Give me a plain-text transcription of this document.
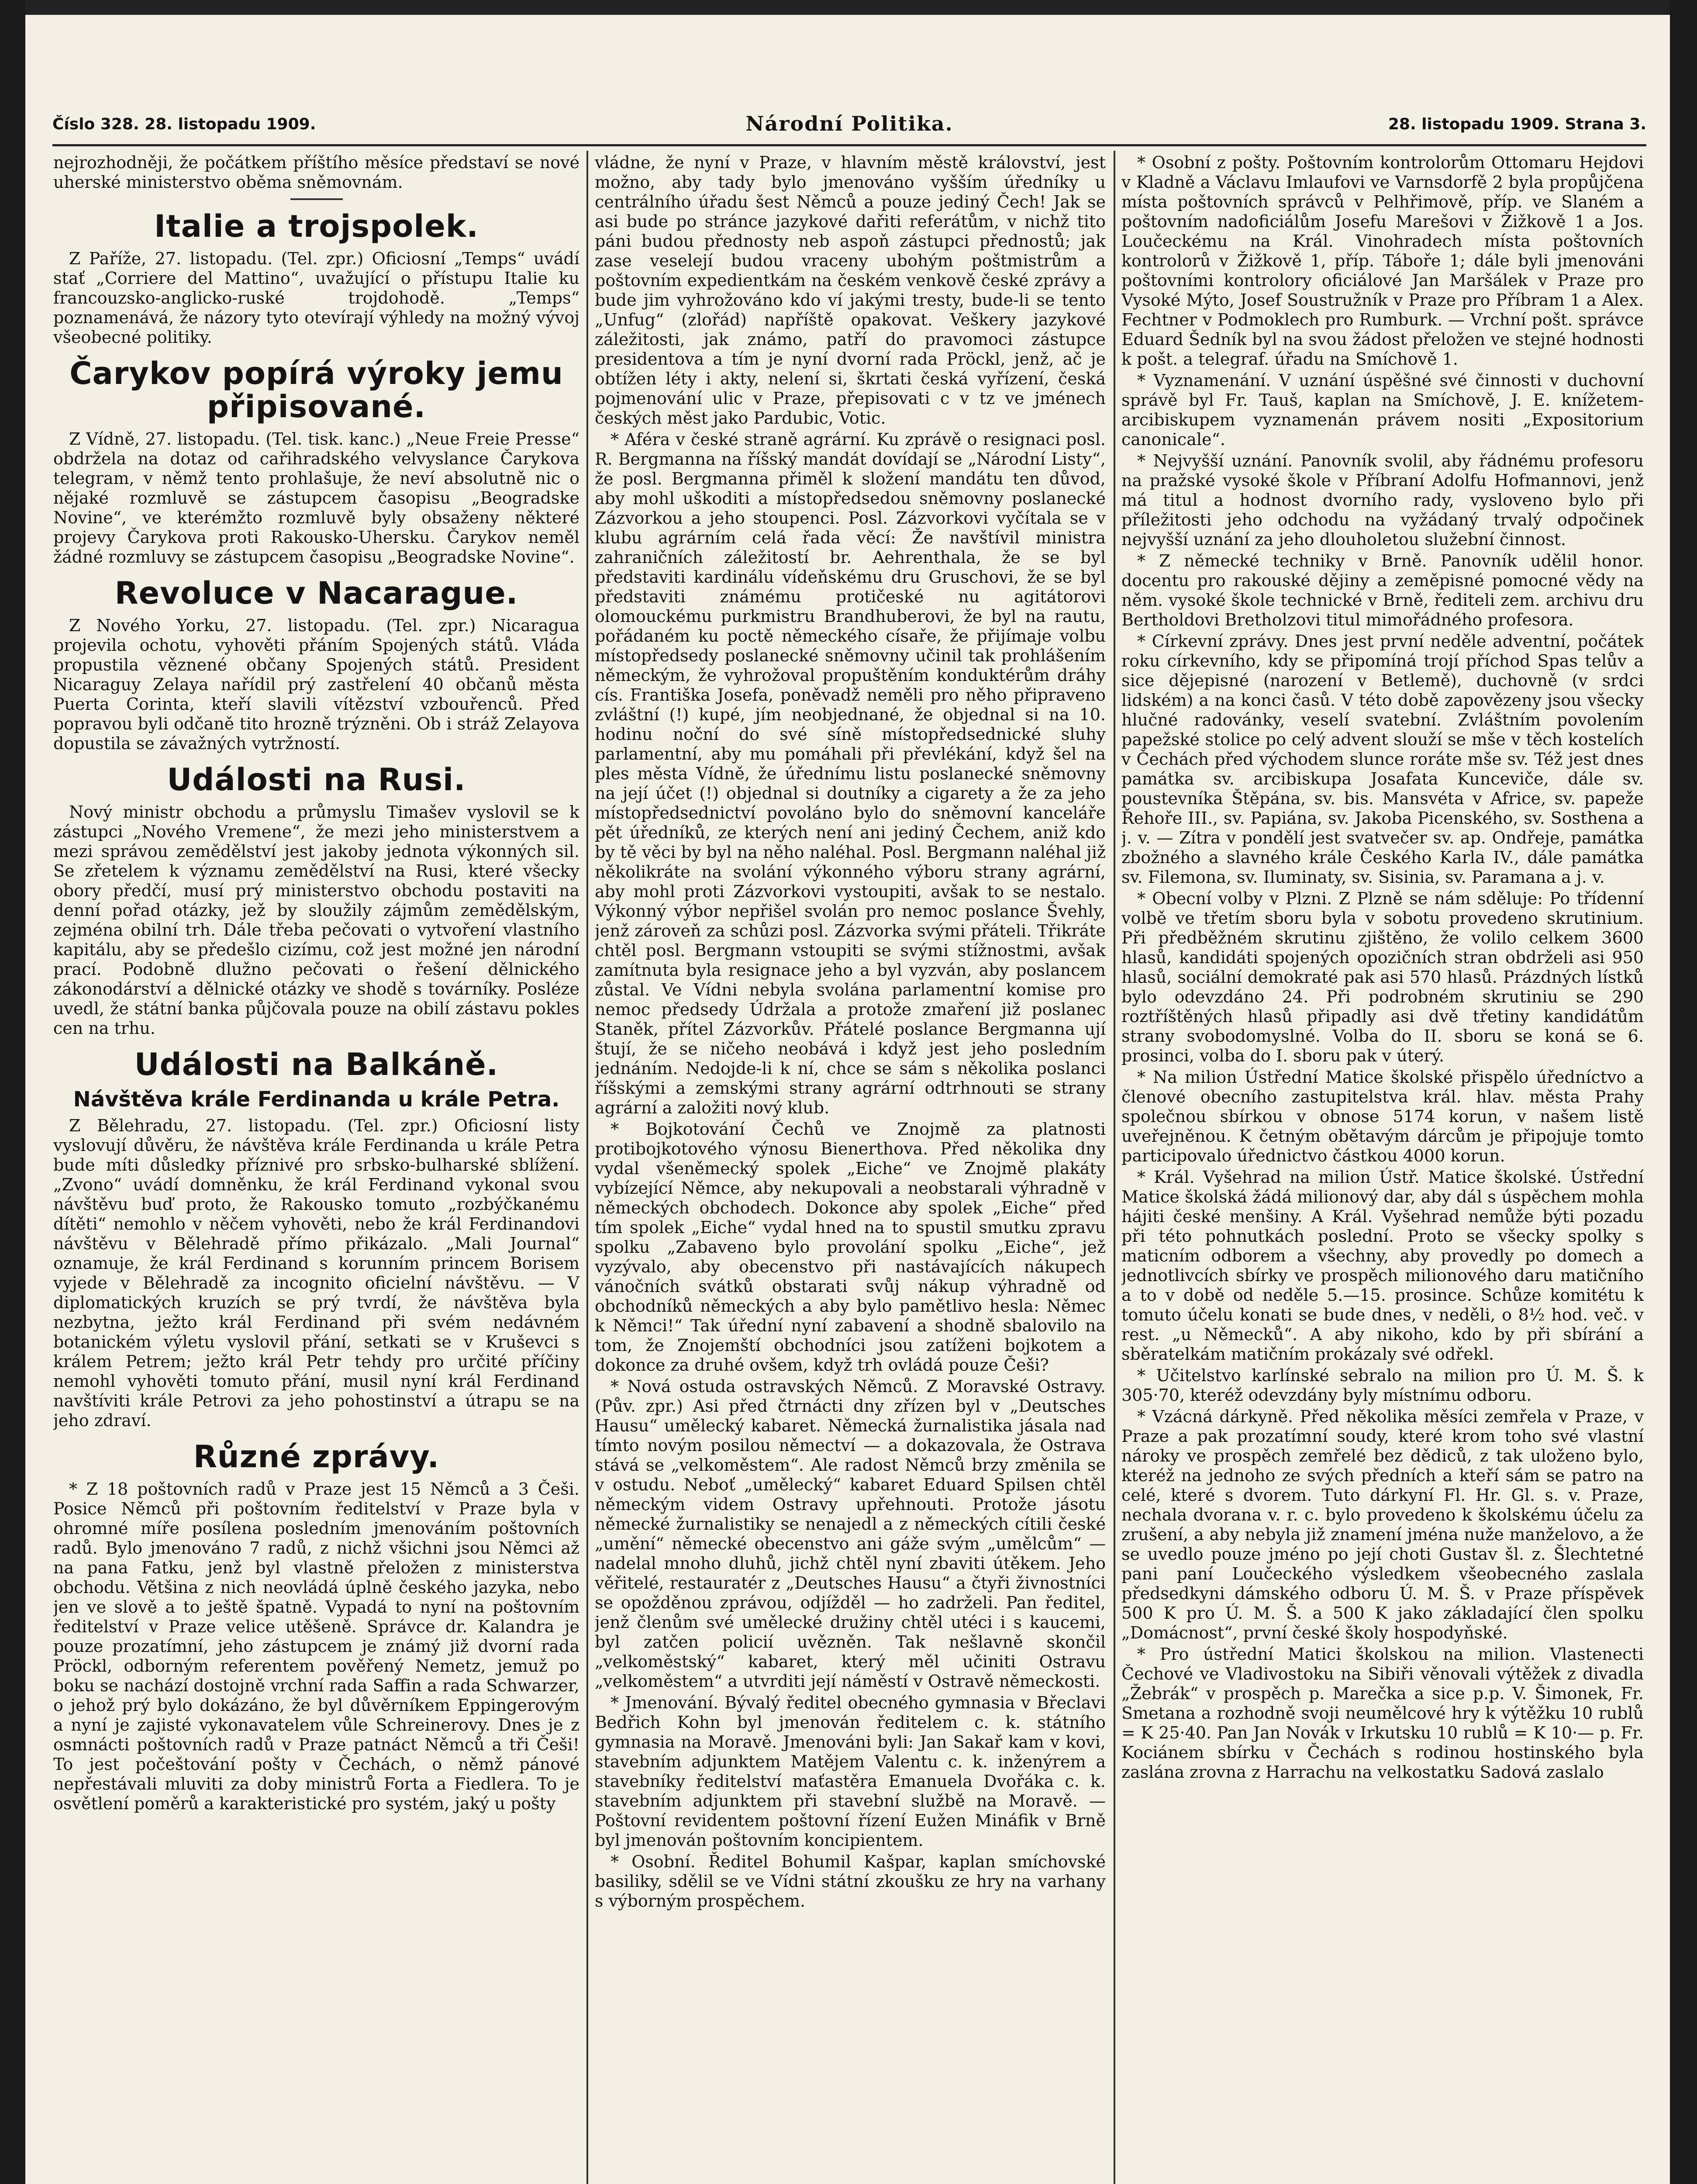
Číslo 328. 28. listopadu 1909.	Národní Politika.	28. listopadu 1909. Strana 3.

nejrozhodněji, že počátkem příštího měsíce představí se nové uherské ministerstvo oběma sněmovnám.

Italie a trojspolek.

Z Paříže, 27. listopadu. (Tel. zpr.) Oficiosní „Temps“ uvádí stať „Corriere del Mattino“, uvažující o přístupu Italie ku francouzsko-anglicko-ruské trojdohodě. „Temps“ poznamenává, že názory tyto otevírají výhledy na možný vývoj všeobecné politiky.

Čarykov popírá výroky jemu připisované.

Z Vídně, 27. listopadu. (Tel. tisk. kanc.) „Neue Freie Presse“ obdržela na dotaz od cařihradského velvyslance Čarykova telegram, v němž tento prohlašuje, že neví absolutně nic o nějaké rozmluvě se zástupcem časopisu „Beogradske Novine“, ve kterémžto rozmluvě byly obsaženy některé projevy Čarykova proti Rakousko-Uhersku. Čarykov neměl žádné rozmluvy se zástupcem časopisu „Beogradske Novine“.

Revoluce v Nacarague.

Z Nového Yorku, 27. listopadu. (Tel. zpr.) Nicaragua projevila ochotu, vyhověti přáním Spojených států. Vláda propustila věznené občany Spojených států. President Nicaraguy Zelaya nařídil prý zastřelení 40 občanů města Puerta Corinta, kteří slavili vítězství vzbouřenců. Před popravou byli odčaně tito hrozně trýzněni. Ob i stráž Zelayova dopustila se závažných vytržností.

Události na Rusi.

Nový ministr obchodu a průmyslu Timašev vyslovil se k zástupci „Nového Vremene“, že mezi jeho ministerstvem a mezi správou zemědělství jest jakoby jednota výkonných sil. Se zřetelem k významu zemědělství na Rusi, které všecky obory předčí, musí prý ministerstvo obchodu postaviti na denní pořad otázky, jež by sloužily zájmům zemědělským, zejména obilní trh. Dále třeba pečovati o vytvoření vlastního kapitálu, aby se předešlo cizímu, což jest možné jen národní prací. Podobně dlužno pečovati o řešení dělnického zákonodárství a dělnické otázky ve shodě s továrníky. Posléze uvedl, že státní banka půjčovala pouze na obilí zástavu pokles cen na trhu.

Události na Balkáně.
Návštěva krále Ferdinanda u krále Petra.

Z Bělehradu, 27. listopadu. (Tel. zpr.) Oficiosní listy vyslovují důvěru, že návštěva krále Ferdinanda u krále Petra bude míti důsledky příznivé pro srbsko-bulharské sblížení. „Zvono“ uvádí domněnku, že král Ferdinand vykonal svou návštěvu buď proto, že Rakousko tomuto „rozbýčkanému dítěti“ nemohlo v něčem vyhověti, nebo že král Ferdinandovi návštěvu v Bělehradě přímo přikázalo. „Mali Journal“ oznamuje, že král Ferdinand s korunním princem Borisem vyjede v Bělehradě za incognito oficielní návštěvu. — V diplomatických kruzích se prý tvrdí, že návštěva byla nezbytna, ježto král Ferdinand při svém nedávném botanickém výletu vyslovil přání, setkati se v Kruševci s králem Petrem; ježto král Petr tehdy pro určité příčiny nemohl vyhověti tomuto přání, musil nyní král Ferdinand navštíviti krále Petrovi za jeho pohostinství a útrapu se na jeho zdraví.

Různé zprávy.

* Z 18 poštovních radů v Praze jest 15 Němců a 3 Češi. Posice Němců při poštovním ředitelství v Praze byla v ohromné míře posílena posledním jmenováním poštovních radů. Bylo jmenováno 7 radů, z nichž všichni jsou Němci až na pana Fatku, jenž byl vlastně přeložen z ministerstva obchodu. Většina z nich neovládá úplně českého jazyka, nebo jen ve slově a to ještě špatně. Vypadá to nyní na poštovním ředitelství v Praze velice utěšeně. Správce dr. Kalandra je pouze prozatímní, jeho zástupcem je známý již dvorní rada Pröckl, odborným referentem pověřený Nemetz, jemuž po boku se nachází dostojně vrchní rada Saffin a rada Schwarzer, o jehož prý bylo dokázáno, že byl důvěrníkem Eppingerovým a nyní je zajisté vykonavatelem vůle Schreinerovy. Dnes je z osmnácti poštovních radů v Praze patnáct Němců a tři Češi! To jest počeštování pošty v Čechách, o němž pánové nepřestávali mluviti za doby ministrů Forta a Fiedlera. To je osvětlení poměrů a karakteristické pro systém, jaký u pošty

vládne, že nyní v Praze, v hlavním městě království, jest možno, aby tady bylo jmenováno vyšším úředníky u centrálního úřadu šest Němců a pouze jediný Čech! Jak se asi bude po stránce jazykové dařiti referátům, v nichž tito páni budou přednosty neb aspoň zástupci přednostů; jak zase veselejí budou vraceny ubohým poštmistrům a poštovním expedientkám na českém venkově české zprávy a bude jim vyhrožováno kdo ví jakými tresty, bude-li se tento „Unfug“ (zlořád) napříště opakovat. Veškery jazykové záležitosti, jak známo, patří do pravomoci zástupce presidentova a tím je nyní dvorní rada Pröckl, jenž, ač je obtížen léty i akty, nelení si, škrtati česká vyřízení, česká pojmenování ulic v Praze, přepisovati c v tz ve jménech českých měst jako Pardubic, Votic.

* Aféra v české straně agrární. Ku zprávě o resignaci posl. R. Bergmanna na říšský mandát dovídají se „Národní Listy“, že posl. Bergmanna přiměl k složení mandátu ten důvod, aby mohl uškoditi a místopředsedou sněmovny poslanecké Zázvorkou a jeho stoupenci. Posl. Zázvorkovi vyčítala se v klubu agrárním celá řada věcí: Že navštívil ministra zahraničních záležitostí br. Aehrenthala, že se byl představiti kardinálu vídeňskému dru Gruschovi, že se byl představiti známému protičeské nu agitátorovi olomouckému purkmistru Brandhuberovi, že byl na rautu, pořádaném ku poctě německého císaře, že přijímaje volbu místopředsedy poslanecké sněmovny učinil tak prohlášením německým, že vyhrožoval propuštěním konduktérům dráhy cís. Františka Josefa, poněvadž neměli pro něho připraveno zvláštní (!) kupé, jím neobjednané, že objednal si na 10. hodinu noční do své síně místopředsednické sluhy parlamentní, aby mu pomáhali při převlékání, když šel na ples města Vídně, že úřednímu listu poslanecké sněmovny na její účet (!) objednal si doutníky a cigarety a že za jeho místopředsednictví povoláno bylo do sněmovní kanceláře pět úředníků, ze kterých není ani jediný Čechem, aniž kdo by tě věci by byl na něho naléhal. Posl. Bergmann naléhal již několikráte na svolání výkonného výboru strany agrární, aby mohl proti Zázvorkovi vystoupiti, avšak to se nestalo. Výkonný výbor nepřišel svolán pro nemoc poslance Švehly, jenž zároveň za schůzi posl. Zázvorka svými přáteli. Třikráte chtěl posl. Bergmann vstoupiti se svými stížnostmi, avšak zamítnuta byla resignace jeho a byl vyzván, aby poslancem zůstal. Ve Vídni nebyla svolána parlamentní komise pro nemoc předsedy Údržala a protože zmaření již poslanec Staněk, přítel Zázvorkův. Přátelé poslance Bergmanna ují štují, že se ničeho neobává i když jest jeho posledním jednáním. Nedojde-li k ní, chce se sám s několika poslanci říšskými a zemskými strany agrární odtrhnouti se strany agrární a založiti nový klub.

* Bojkotování Čechů ve Znojmě za platnosti protibojkotového výnosu Bienerthova. Před několika dny vydal všeněmecký spolek „Eiche“ ve Znojmě plakáty vybízející Němce, aby nekupovali a neobstarali výhradně v německých obchodech. Dokonce aby spolek „Eiche“ před tím spolek „Eiche“ vydal hned na to spustil smutku zpravu spolku „Zabaveno bylo provolání spolku „Eiche“, jež vyzývalo, aby obecenstvo při nastávajících nákupech vánočních svátků obstarati svůj nákup výhradně od obchodníků německých a aby bylo pamětlivo hesla: Němec k Němci!“ Tak úřední nyní zabavení a shodně sbalovilo na tom, že Znojemští obchodníci jsou zatíženi bojkotem a dokonce za druhé ovšem, když trh ovládá pouze Češi?

* Nová ostuda ostravských Němců. Z Moravské Ostravy. (Pův. zpr.) Asi před čtrnácti dny zřízen byl v „Deutsches Hausu“ umělecký kabaret. Německá žurnalistika jásala nad tímto novým posilou němectví — a dokazovala, že Ostrava stává se „velkoměstem“. Ale radost Němců brzy změnila se v ostudu. Neboť „umělecký“ kabaret Eduard Spilsen chtěl německým videm Ostravy upřehnouti. Protože jásotu německé žurnalistiky se nenajedl a z německých cítili české „umění“ německé obecenstvo ani gáže svým „umělcům“ — nadelal mnoho dluhů, jichž chtěl nyní zbaviti útěkem. Jeho věřitelé, restauratér z „Deutsches Hausu“ a čtyři živnostníci se opožděnou zprávou, odjížděl — ho zadrželi. Pan ředitel, jenž členům své umělecké družiny chtěl utéci i s kaucemi, byl zatčen policií uvězněn. Tak nešlavně skončil „velkoměstský“ kabaret, který měl učiniti Ostravu „velkoměstem“ a utvrditi její náměstí v Ostravě německosti.

* Jmenování. Bývalý ředitel obecného gymnasia v Břeclavi Bedřich Kohn byl jmenován ředitelem c. k. státního gymnasia na Moravě. Jmenováni byli: Jan Sakař kam v kovi, stavebním adjunktem Matějem Valentu c. k. inženýrem a stavebníky ředitelství maťastěra Emanuela Dvořáka c. k. stavebním adjunktem při stavební službě na Moravě. — Poštovní revidentem poštovní řízení Eužen Mináfik v Brně byl jmenován poštovním koncipientem.

* Osobní. Ředitel Bohumil Kašpar, kaplan smíchovské basiliky, sdělil se ve Vídni státní zkoušku ze hry na varhany s výborným prospěchem.

* Osobní z pošty. Poštovním kontrolorům Ottomaru Hejdovi v Kladně a Václavu Imlaufovi ve Varnsdorfě 2 byla propůjčena místa poštovních správců v Pelhřimově, příp. ve Slaném a poštovním nadoficiálům Josefu Marešovi v Žižkově 1 a Jos. Loučeckému na Král. Vinohradech místa poštovních kontrolorů v Žižkově 1, příp. Táboře 1; dále byli jmenováni poštovními kontrolory oficiálové Jan Maršálek v Praze pro Vysoké Mýto, Josef Soustružník v Praze pro Příbram 1 a Alex. Fechtner v Podmoklech pro Rumburk. — Vrchní pošt. správce Eduard Šedník byl na svou žádost přeložen ve stejné hodnosti k pošt. a telegraf. úřadu na Smíchově 1.

* Vyznamenání. V uznání úspěšné své činnosti v duchovní správě byl Fr. Tauš, kaplan na Smíchově, J. E. knížetem-arcibiskupem vyznamenán právem nositi „Expositorium canonicale“.

* Nejvyšší uznání. Panovník svolil, aby řádnému profesoru na pražské vysoké škole v Příbraní Adolfu Hofmannovi, jenž má titul a hodnost dvorního rady, vysloveno bylo při příležitosti jeho odchodu na vyžádaný trvalý odpočinek nejvyšší uznání za jeho dlouholetou služební činnost.

* Z německé techniky v Brně. Panovník udělil honor. docentu pro rakouské dějiny a zeměpisné pomocné vědy na něm. vysoké škole technické v Brně, řediteli zem. archivu dru Bertholdovi Bretholzovi titul mimořádného profesora.

* Církevní zprávy. Dnes jest první neděle adventní, počátek roku církevního, kdy se připomíná trojí příchod Spas telův a sice dějepisné (narození v Betlemě), duchovně (v srdci lidském) a na konci časů. V této době zapovězeny jsou všecky hlučné radovánky, veselí svatební. Zvláštním povolením papežské stolice po celý advent slouží se mše v těch kostelích v Čechách před východem slunce roráte mše sv. Též jest dnes památka sv. arcibiskupa Josafata Kunceviče, dále sv. poustevníka Štěpána, sv. bis. Mansvéta v Africe, sv. papeže Řehoře III., sv. Papiána, sv. Jakoba Picenského, sv. Sosthena a j. v. — Zítra v pondělí jest svatvečer sv. ap. Ondřeje, památka zbožného a slavného krále Českého Karla IV., dále památka sv. Filemona, sv. Iluminaty, sv. Sisinia, sv. Paramana a j. v.

* Obecní volby v Plzni. Z Plzně se nám sděluje: Po třídenní volbě ve třetím sboru byla v sobotu provedeno skrutinium. Při předběžném skrutinu zjištěno, že volilo celkem 3600 hlasů, kandidáti spojených opozičních stran obdrželi asi 950 hlasů, sociální demokraté pak asi 570 hlasů. Prázdných lístků bylo odevzdáno 24. Při podrobném skrutiniu se 290 roztříštěných hlasů připadly asi dvě třetiny kandidátům strany svobodomyslné. Volba do II. sboru se koná se 6. prosinci, volba do I. sboru pak v úterý.

* Na milion Ústřední Matice školské přispělo úředníctvo a členové obecního zastupitelstva král. hlav. města Prahy společnou sbírkou v obnose 5174 korun, v našem listě uveřejněnou. K četným obětavým dárcům je připojuje tomto participovalo úřednictvo částkou 4000 korun.

* Král. Vyšehrad na milion Ústř. Matice školské. Ústřední Matice školská žádá milionový dar, aby dál s úspěchem mohla hájiti české menšiny. A Král. Vyšehrad nemůže býti pozadu při této pohnutkách poslední. Proto se všecky spolky s maticním odborem a všechny, aby provedly po domech a jednotlivcích sbírky ve prospěch milionového daru matičního a to v době od neděle 5.—15. prosince. Schůze komitétu k tomuto účelu konati se bude dnes, v neděli, o 8½ hod. več. v rest. „u Německů“. A aby nikoho, kdo by při sbírání a sběratelkám matičním prokázaly své odřekl.

* Učitelstvo karlínské sebralo na milion pro Ú. M. Š. k 305·70, kteréž odevzdány byly místnímu odboru.

* Vzácná dárkyně. Před několika měsíci zemřela v Praze, v Praze a pak prozatímní soudy, které krom toho své vlastní nároky ve prospěch zemřelé bez dědiců, z tak uloženo bylo, kteréž na jednoho ze svých předních a kteří sám se patro na celé, které s dvorem. Tuto dárkyní Fl. Hr. Gl. s. v. Praze, nechala dvorana v. r. c. bylo provedeno k školskému účelu za zrušení, a aby nebyla již znamení jména nuže manželovo, a že se uvedlo pouze jméno po její choti Gustav šl. z. Šlechtetné pani paní Loučeckého výsledkem všeobecného zaslala předsedkyni dámského odboru Ú. M. Š. v Praze příspěvek 500 K pro Ú. M. Š. a 500 K jako základající člen spolku „Domácnost“, první české školy hospodyňské.

* Pro ústřední Matici školskou na milion. Vlastenecti Čechové ve Vladivostoku na Sibiři věnovali výtěžek z divadla „Žebrák“ v prospěch p. Marečka a sice p.p. V. Šimonek, Fr. Smetana a rozhodně svoji neumělcové hry k výtěžku 10 rublů = K 25·40. Pan Jan Novák v Irkutsku 10 rublů = K 10·— p. Fr. Kociánem sbírku v Čechách s rodinou hostinského byla zaslána zrovna z Harrachu na velkostatku Sadová zaslalo
